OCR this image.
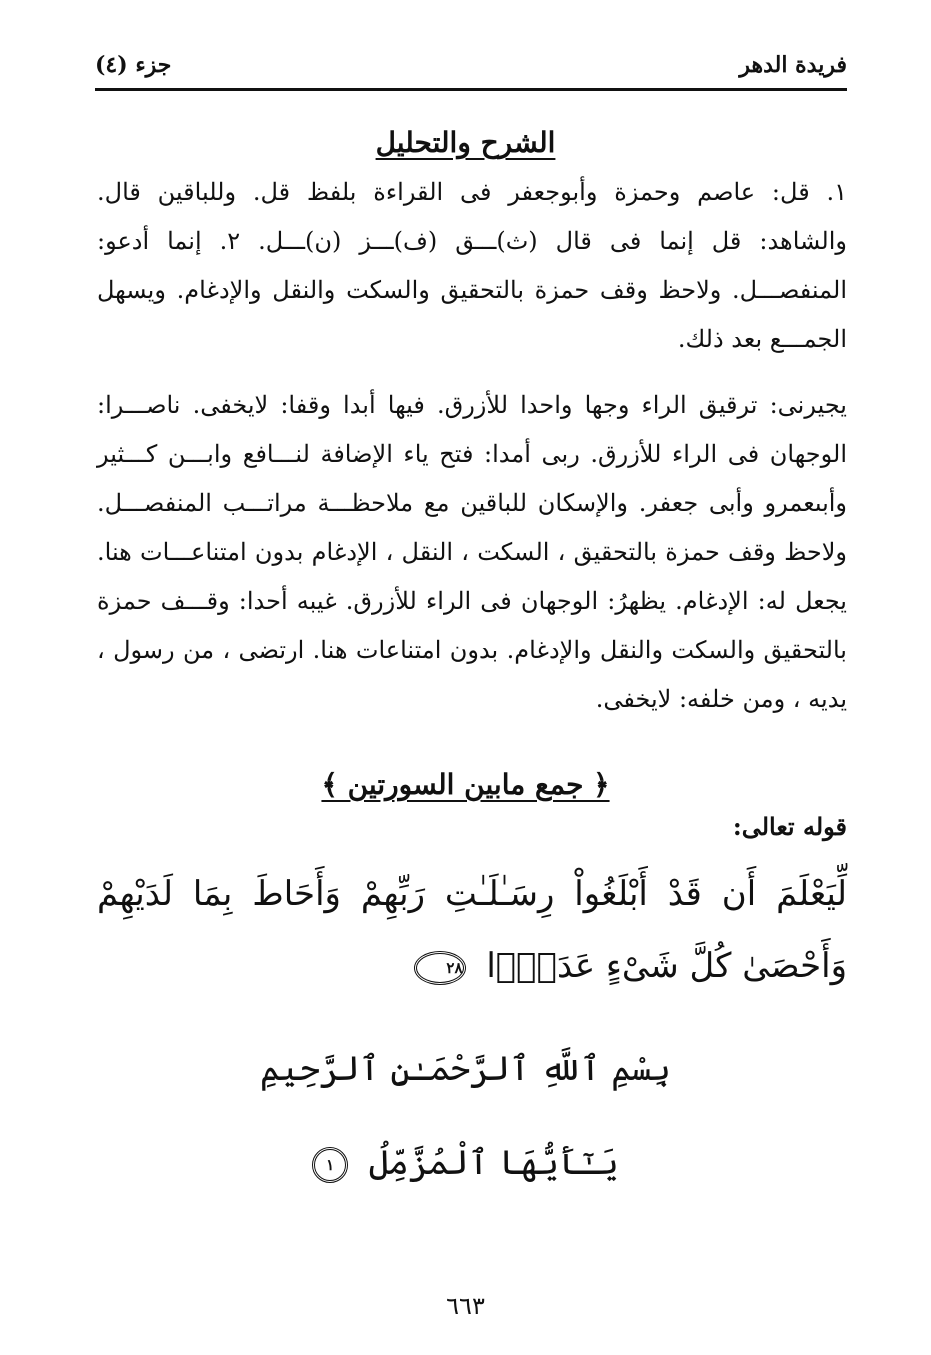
فريدة الدهر
جزء (٤)
الشرح والتحليل

١. قل: عاصم وحمزة وأبوجعفر فى القراءة بلفظ قل. وللباقين قال. والشاهد: قل إنما فى قال (ث)ـــق (ف)ـــز (ن)ـــل. ٢. إنما أدعو: المنفصـــل. ولاحظ وقف حمزة بالتحقيق والسكت والنقل والإدغام. ويسهل الجمـــع بعد ذلك.

يجيرنى: ترقيق الراء وجها واحدا للأزرق. فيها أبدا وقفا: لايخفى. ناصـــرا: الوجهان فى الراء للأزرق. ربى أمدا: فتح ياء الإضافة لنـــافع وابـــن كـــثير وأبىعمرو وأبى جعفر. والإسكان للباقين مع ملاحظـــة مراتـــب المنفصـــل. ولاحظ وقف حمزة بالتحقيق ، السكت ، النقل ، الإدغام بدون امتناعـــات هنا. يجعل له: الإدغام. يظهرُ: الوجهان فى الراء للأزرق. غيبه أحدا: وقـــف حمزة بالتحقيق والسكت والنقل والإدغام. بدون امتناعات هنا. ارتضى ، من رسول ، يديه ، ومن خلفه: لايخفى.

﴿ جمع مابين السورتين ﴾
قوله تعالى:

لِّيَعْلَمَ أَن قَدْ أَبْلَغُواْ رِسَـٰلَـٰتِ رَبِّهِمْ وَأَحَاطَ بِمَا لَدَيْهِمْ وَأَحْصَىٰ كُلَّ شَىْءٍ عَدَدًۢا ٢٨

بِسْمِ ٱللَّهِ ٱلرَّحْمَـٰنِ ٱلرَّحِيمِ
يَـٰٓأَيُّهَا ٱلْمُزَّمِّلُ ١
٦٦٣
